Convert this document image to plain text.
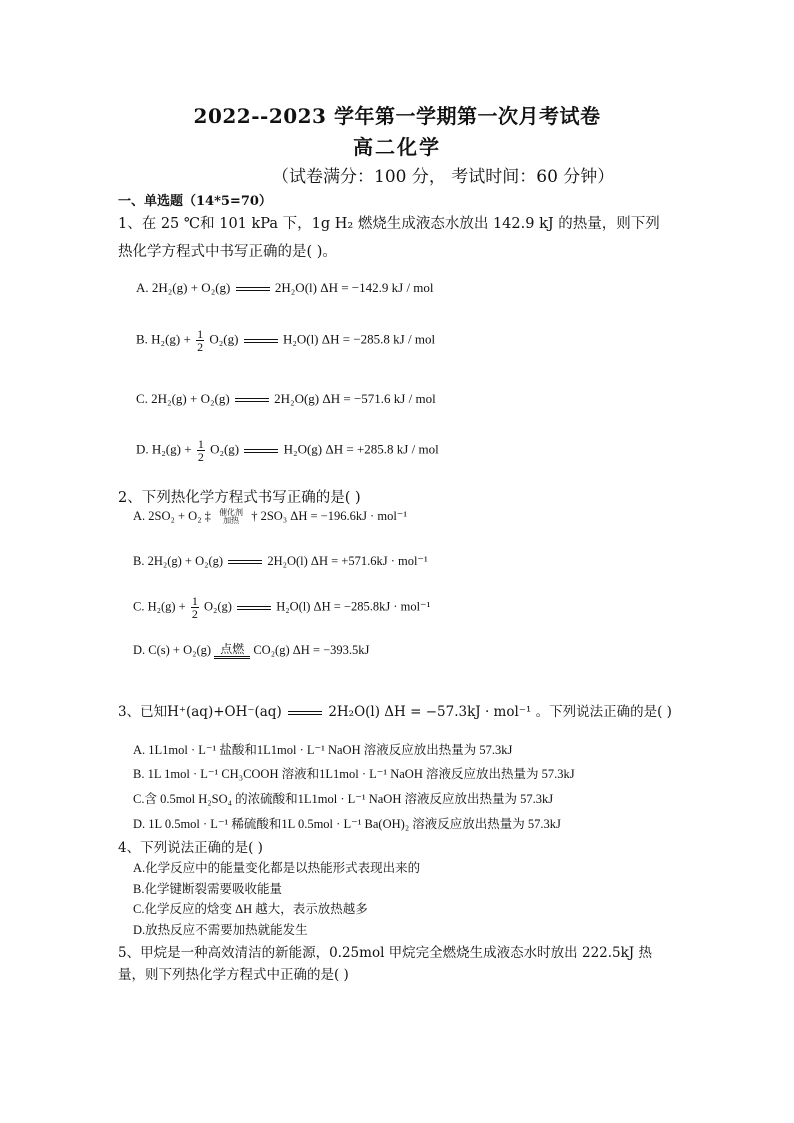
2022--2023 学年第一学期第一次月考试卷
高二化学
（试卷满分：100 分， 考试时间：60 分钟）
一、单选题（14*5=70）
1、在 25 ℃和 101 kPa 下，1g H₂ 燃烧生成液态水放出 142.9 kJ 的热量，则下列
热化学方程式中书写正确的是( )。
A. 2H₂(g) + O₂(g)	2H₂O(l) ΔH = −142.9 kJ / mol
B. $H_2(g) + \frac{1}{2} O_2(g)$	H₂O(l) ΔH = −285.8 kJ / mol
C. 2H₂(g) + O₂(g)	2H₂O(g) ΔH = −571.6 kJ / mol
D. $H_2(g) + \frac{1}{2} O_2(g)$	H₂O(g) ΔH = +285.8 kJ / mol
2、下列热化学方程式书写正确的是( )
A. 2SO₂ + O₂ ‡	催化剂
加热 † 2SO₃ ΔH = −196.6kJ · mol⁻¹
B. 2H₂(g) + O₂(g)	2H₂O(l) ΔH = +571.6kJ · mol⁻¹
C. $H_2(g) + \frac{1}{2} O_2(g)$	H₂O(l) ΔH = −285.8kJ · mol⁻¹
D. C(s) + O₂(g) 点燃 CO₂(g) ΔH = −393.5kJ
3、已知H⁺(aq)+OH⁻(aq)	2H₂O(l) ΔH = −57.3kJ · mol⁻¹ 。下列说法正确的是( )
A. 1L1mol · L⁻¹ 盐酸和1L1mol · L⁻¹ NaOH 溶液反应放出热量为 57.3kJ
B. 1L 1mol · L⁻¹ CH₃COOH 溶液和1L1mol · L⁻¹ NaOH 溶液反应放出热量为 57.3kJ
C.含 0.5mol H₂SO₄ 的浓硫酸和1L1mol · L⁻¹ NaOH 溶液反应放出热量为 57.3kJ
D. 1L 0.5mol · L⁻¹ 稀硫酸和1L 0.5mol · L⁻¹ Ba(OH)₂ 溶液反应放出热量为 57.3kJ
4、下列说法正确的是( )
A.化学反应中的能量变化都是以热能形式表现出来的
B.化学键断裂需要吸收能量
C.化学反应的焓变 ΔH 越大，表示放热越多
D.放热反应不需要加热就能发生
5、甲烷是一种高效清洁的新能源，0.25mol 甲烷完全燃烧生成液态水时放出 222.5kJ 热
量，则下列热化学方程式中正确的是( )
